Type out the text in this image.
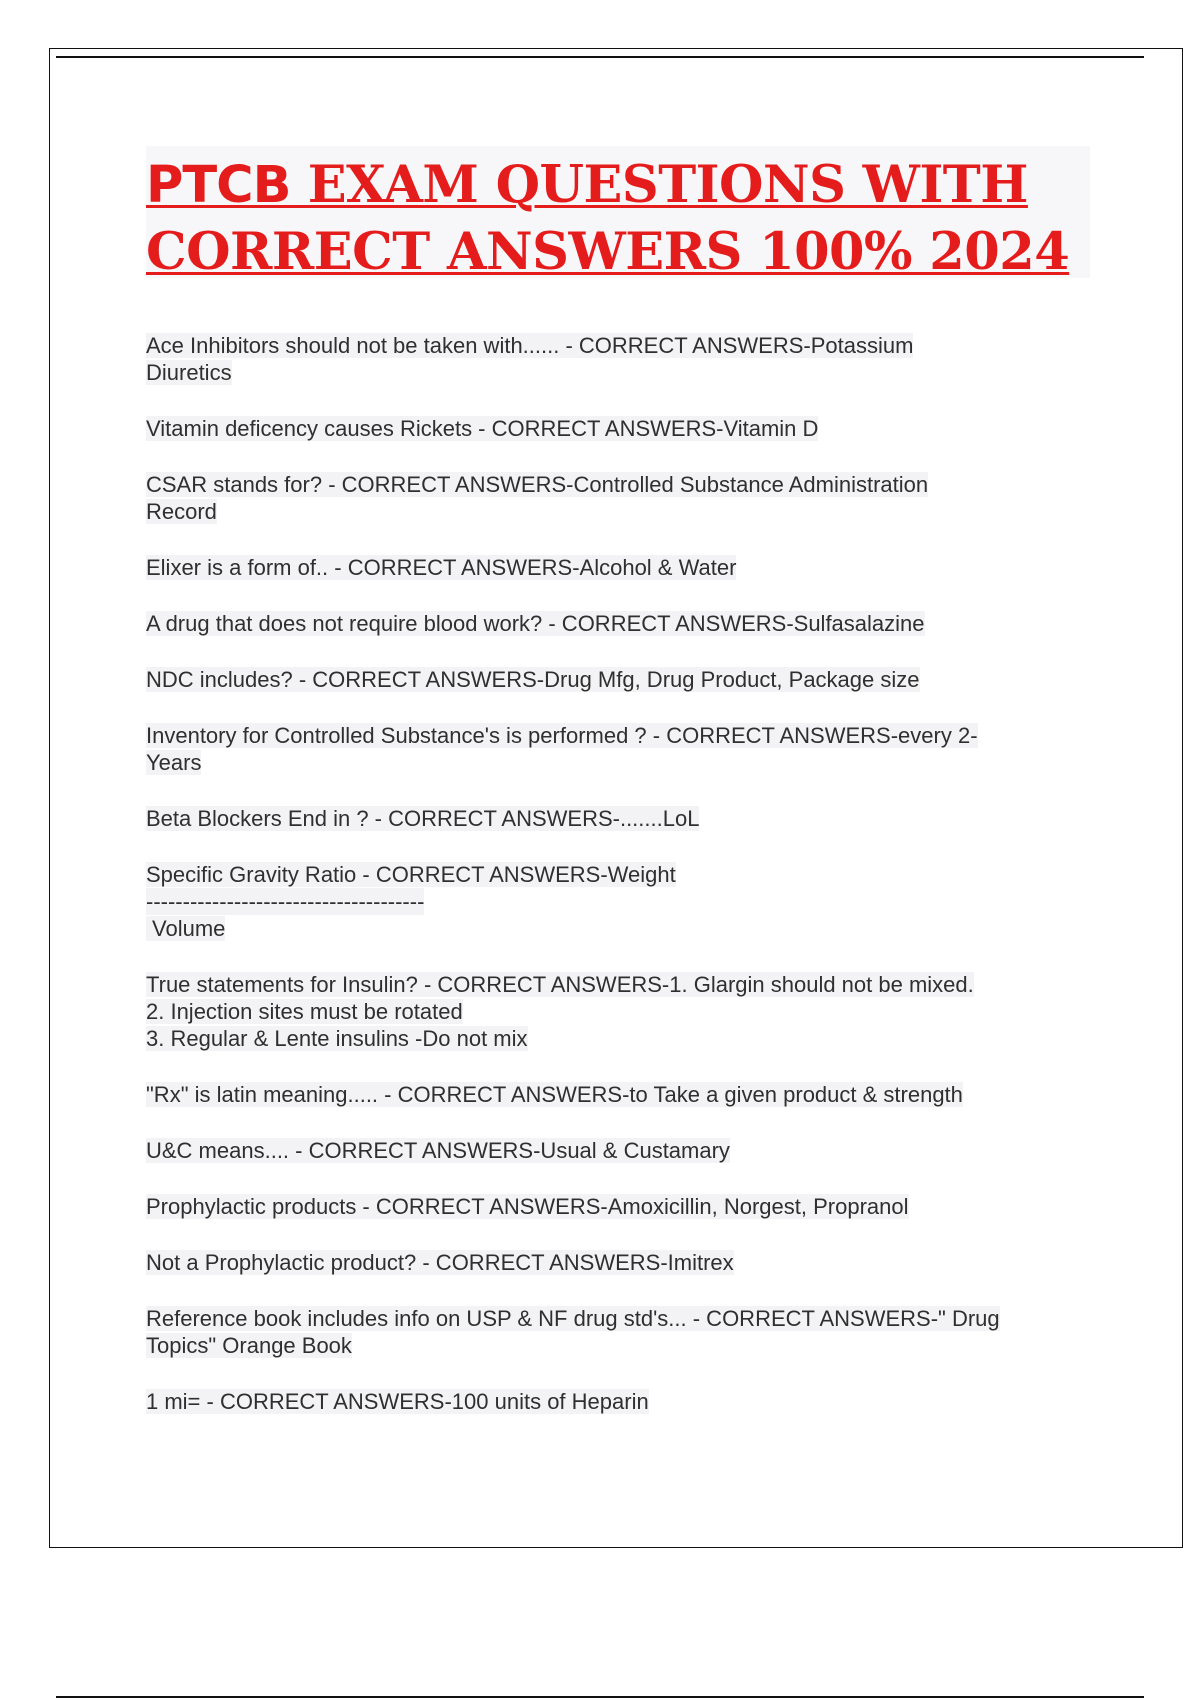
PTCB EXAM QUESTIONS WITH
CORRECT ANSWERS 100% 2024

Ace Inhibitors should not be taken with...... - CORRECT ANSWERS-Potassium
Diuretics

Vitamin deficency causes Rickets - CORRECT ANSWERS-Vitamin D

CSAR stands for? - CORRECT ANSWERS-Controlled Substance Administration
Record

Elixer is a form of.. - CORRECT ANSWERS-Alcohol & Water

A drug that does not require blood work? - CORRECT ANSWERS-Sulfasalazine

NDC includes? - CORRECT ANSWERS-Drug Mfg, Drug Product, Package size

Inventory for Controlled Substance's is performed ? - CORRECT ANSWERS-every 2-
Years

Beta Blockers End in ? - CORRECT ANSWERS-.......LoL

Specific Gravity Ratio - CORRECT ANSWERS-Weight
--------------------------------------
Volume

True statements for Insulin? - CORRECT ANSWERS-1. Glargin should not be mixed.
2. Injection sites must be rotated
3. Regular & Lente insulins -Do not mix

"Rx" is latin meaning..... - CORRECT ANSWERS-to Take a given product & strength

U&C means.... - CORRECT ANSWERS-Usual & Custamary

Prophylactic products - CORRECT ANSWERS-Amoxicillin, Norgest, Propranol

Not a Prophylactic product? - CORRECT ANSWERS-Imitrex

Reference book includes info on USP & NF drug std's... - CORRECT ANSWERS-" Drug
Topics" Orange Book

1 mi= - CORRECT ANSWERS-100 units of Heparin
